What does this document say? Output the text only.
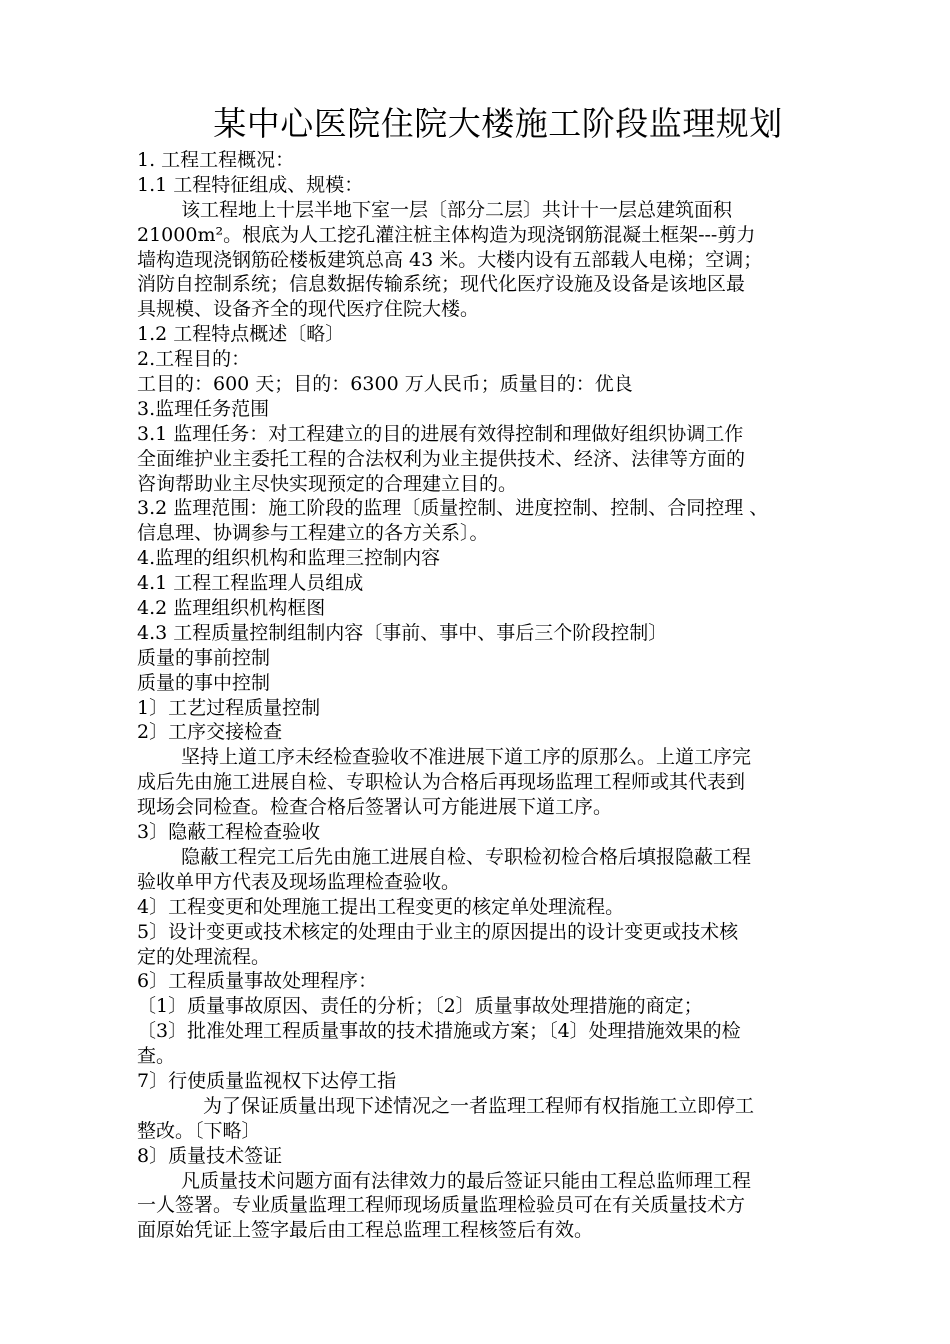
某中心医院住院大楼施工阶段监理规划
1. 工程工程概况：
1.1 工程特征组成、规模：
该工程地上十层半地下室一层〔部分二层〕共计十一层总建筑面积
21000m²。根底为人工挖孔灌注桩主体构造为现浇钢筋混凝土框架---剪力
墙构造现浇钢筋砼楼板建筑总高 43 米。大楼内设有五部载人电梯；空调；
消防自控制系统；信息数据传输系统；现代化医疗设施及设备是该地区最
具规模、设备齐全的现代医疗住院大楼。
1.2 工程特点概述〔略〕
2.工程目的：
工目的：600 天；目的：6300 万人民币；质量目的：优良
3.监理任务范围
3.1 监理任务：对工程建立的目的进展有效得控制和理做好组织协调工作
全面维护业主委托工程的合法权利为业主提供技术、经济、法律等方面的
咨询帮助业主尽快实现预定的合理建立目的。
3.2 监理范围：施工阶段的监理〔质量控制、进度控制、控制、合同控理 、
信息理、协调参与工程建立的各方关系〕。
4.监理的组织机构和监理三控制内容
4.1 工程工程监理人员组成
4.2 监理组织机构框图
4.3 工程质量控制组制内容〔事前、事中、事后三个阶段控制〕
质量的事前控制
质量的事中控制
1〕工艺过程质量控制
2〕工序交接检查
坚持上道工序未经检查验收不准进展下道工序的原那么。上道工序完
成后先由施工进展自检、专职检认为合格后再现场监理工程师或其代表到
现场会同检查。检查合格后签署认可方能进展下道工序。
3〕隐蔽工程检查验收
隐蔽工程完工后先由施工进展自检、专职检初检合格后填报隐蔽工程
验收单甲方代表及现场监理检查验收。
4〕工程变更和处理施工提出工程变更的核定单处理流程。
5〕设计变更或技术核定的处理由于业主的原因提出的设计变更或技术核
定的处理流程。
6〕工程质量事故处理程序：
〔1〕质量事故原因、责任的分析；〔2〕质量事故处理措施的商定；
〔3〕批准处理工程质量事故的技术措施或方案；〔4〕处理措施效果的检
查。
7〕行使质量监视权下达停工指
为了保证质量出现下述情况之一者监理工程师有权指施工立即停工
整改。〔下略〕
8〕质量技术签证
凡质量技术问题方面有法律效力的最后签证只能由工程总监师理工程
一人签署。专业质量监理工程师现场质量监理检验员可在有关质量技术方
面原始凭证上签字最后由工程总监理工程核签后有效。
